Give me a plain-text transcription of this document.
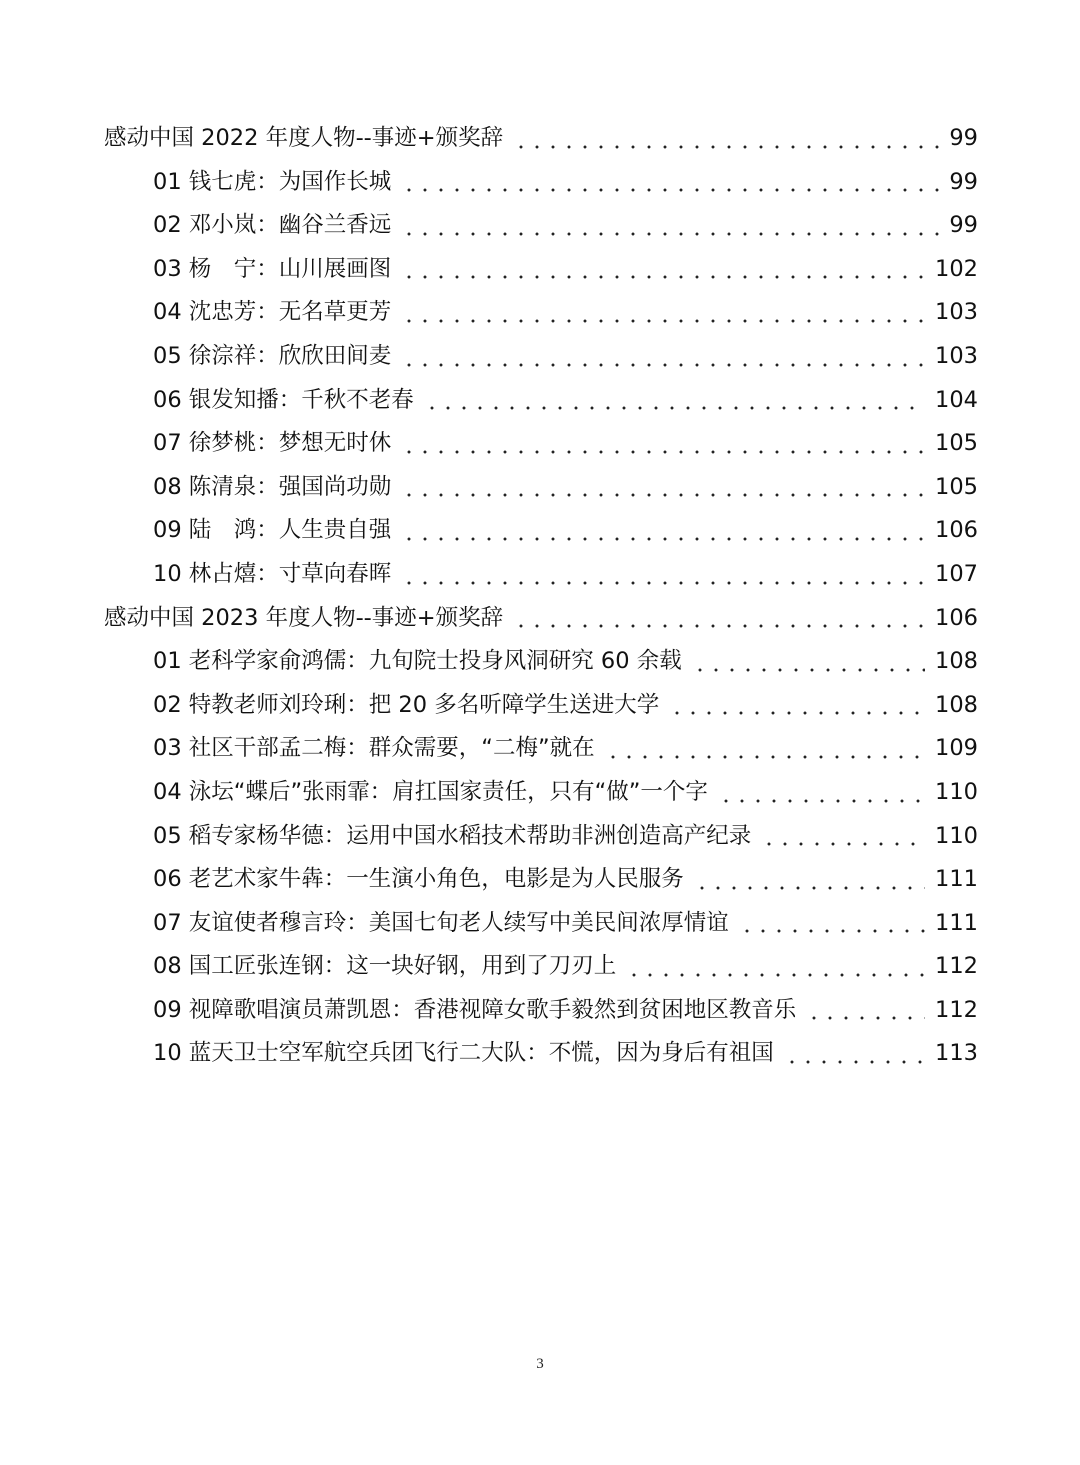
感动中国 2022 年度人物--事迹+颁奖辞	99
01 钱七虎：为国作长城	99
02 邓小岚：幽谷兰香远	99
03 杨　宁：山川展画图	102
04 沈忠芳：无名草更芳	103
05 徐淙祥：欣欣田间麦	103
06 银发知播：千秋不老春	104
07 徐梦桃：梦想无时休	105
08 陈清泉：强国尚功勋	105
09 陆　鸿：人生贵自强	106
10 林占熺：寸草向春晖	107
感动中国 2023 年度人物--事迹+颁奖辞	106
01 老科学家俞鸿儒：九旬院士投身风洞研究 60 余载	108
02 特教老师刘玲琍：把 20 多名听障学生送进大学	108
03 社区干部孟二梅：群众需要，“二梅”就在	109
04 泳坛“蝶后”张雨霏：肩扛国家责任，只有“做”一个字	110
05 稻专家杨华德：运用中国水稻技术帮助非洲创造高产纪录	110
06 老艺术家牛犇：一生演小角色，电影是为人民服务	111
07 友谊使者穆言玲：美国七旬老人续写中美民间浓厚情谊	111
08 国工匠张连钢：这一块好钢，用到了刀刃上	112
09 视障歌唱演员萧凯恩：香港视障女歌手毅然到贫困地区教音乐	112
10 蓝天卫士空军航空兵团飞行二大队：不慌，因为身后有祖国	113
3
